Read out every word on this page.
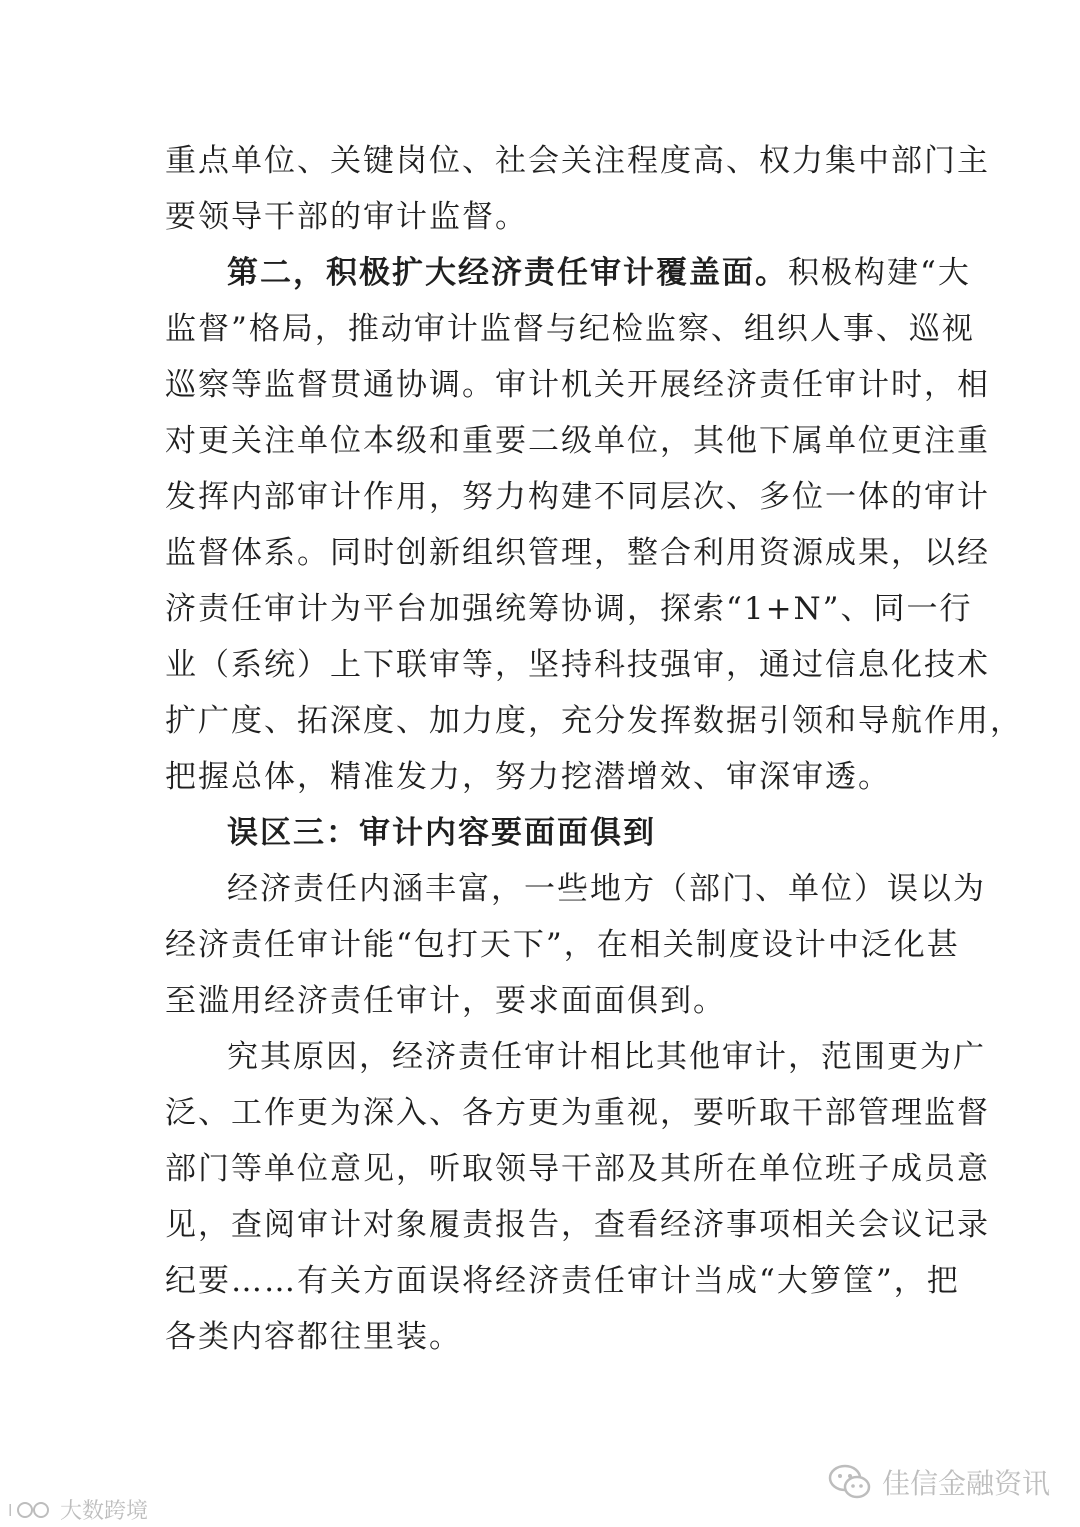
重点单位、关键岗位、社会关注程度高、权力集中部门主
要领导干部的审计监督。
第二，积极扩大经济责任审计覆盖面。积极构建“大
监督”格局，推动审计监督与纪检监察、组织人事、巡视
巡察等监督贯通协调。审计机关开展经济责任审计时，相
对更关注单位本级和重要二级单位，其他下属单位更注重
发挥内部审计作用，努力构建不同层次、多位一体的审计
监督体系。同时创新组织管理，整合利用资源成果，以经
济责任审计为平台加强统筹协调，探索“1+N”、同一行
业（系统）上下联审等，坚持科技强审，通过信息化技术
扩广度、拓深度、加力度，充分发挥数据引领和导航作用，
把握总体，精准发力，努力挖潜增效、审深审透。
误区三：审计内容要面面俱到
经济责任内涵丰富，一些地方（部门、单位）误以为
经济责任审计能“包打天下”，在相关制度设计中泛化甚
至滥用经济责任审计，要求面面俱到。
究其原因，经济责任审计相比其他审计，范围更为广
泛、工作更为深入、各方更为重视，要听取干部管理监督
部门等单位意见，听取领导干部及其所在单位班子成员意
见，查阅审计对象履责报告，查看经济事项相关会议记录
纪要……有关方面误将经济责任审计当成“大箩筐”，把
各类内容都往里装。
佳信金融资讯
l 大数跨境
